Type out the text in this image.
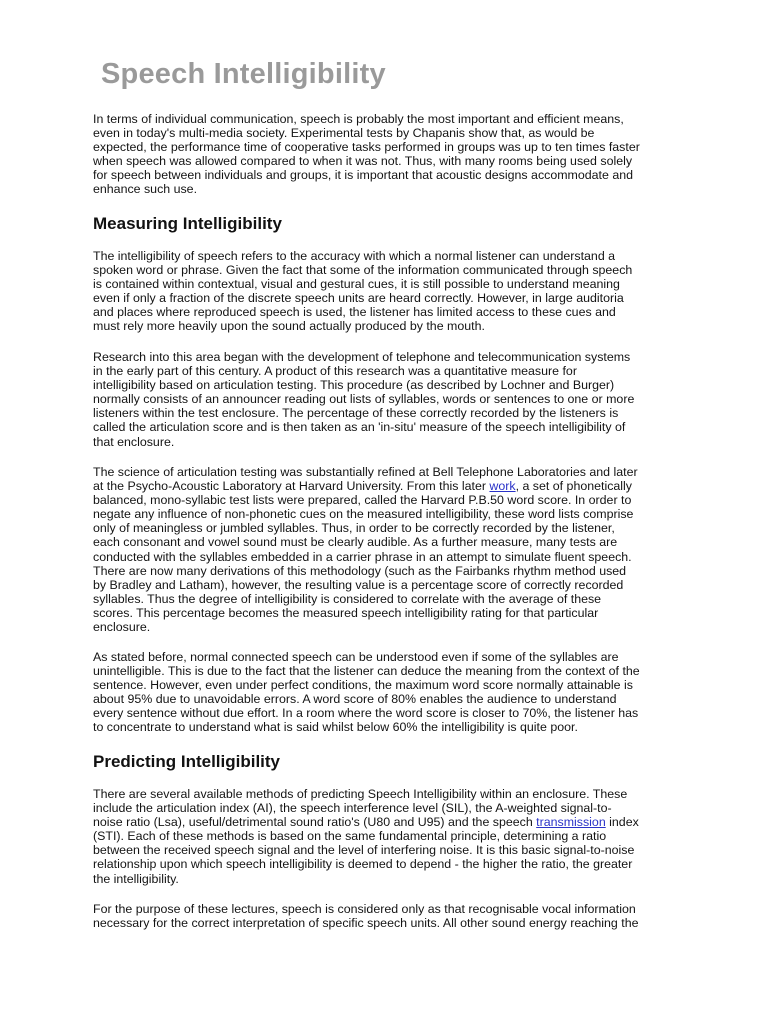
Speech Intelligibility

In terms of individual communication, speech is probably the most important and efficient means,
even in today's multi-media society. Experimental tests by Chapanis show that, as would be
expected, the performance time of cooperative tasks performed in groups was up to ten times faster
when speech was allowed compared to when it was not. Thus, with many rooms being used solely
for speech between individuals and groups, it is important that acoustic designs accommodate and
enhance such use.

Measuring Intelligibility

The intelligibility of speech refers to the accuracy with which a normal listener can understand a
spoken word or phrase. Given the fact that some of the information communicated through speech
is contained within contextual, visual and gestural cues, it is still possible to understand meaning
even if only a fraction of the discrete speech units are heard correctly. However, in large auditoria
and places where reproduced speech is used, the listener has limited access to these cues and
must rely more heavily upon the sound actually produced by the mouth.

Research into this area began with the development of telephone and telecommunication systems
in the early part of this century. A product of this research was a quantitative measure for
intelligibility based on articulation testing. This procedure (as described by Lochner and Burger)
normally consists of an announcer reading out lists of syllables, words or sentences to one or more
listeners within the test enclosure. The percentage of these correctly recorded by the listeners is
called the articulation score and is then taken as an 'in-situ' measure of the speech intelligibility of
that enclosure.

The science of articulation testing was substantially refined at Bell Telephone Laboratories and later
at the Psycho-Acoustic Laboratory at Harvard University. From this later work, a set of phonetically
balanced, mono-syllabic test lists were prepared, called the Harvard P.B.50 word score. In order to
negate any influence of non-phonetic cues on the measured intelligibility, these word lists comprise
only of meaningless or jumbled syllables. Thus, in order to be correctly recorded by the listener,
each consonant and vowel sound must be clearly audible. As a further measure, many tests are
conducted with the syllables embedded in a carrier phrase in an attempt to simulate fluent speech.
There are now many derivations of this methodology (such as the Fairbanks rhythm method used
by Bradley and Latham), however, the resulting value is a percentage score of correctly recorded
syllables. Thus the degree of intelligibility is considered to correlate with the average of these
scores. This percentage becomes the measured speech intelligibility rating for that particular
enclosure.

As stated before, normal connected speech can be understood even if some of the syllables are
unintelligible. This is due to the fact that the listener can deduce the meaning from the context of the
sentence. However, even under perfect conditions, the maximum word score normally attainable is
about 95% due to unavoidable errors. A word score of 80% enables the audience to understand
every sentence without due effort. In a room where the word score is closer to 70%, the listener has
to concentrate to understand what is said whilst below 60% the intelligibility is quite poor.

Predicting Intelligibility

There are several available methods of predicting Speech Intelligibility within an enclosure. These
include the articulation index (AI), the speech interference level (SIL), the A-weighted signal-to-
noise ratio (Lsa), useful/detrimental sound ratio's (U80 and U95) and the speech transmission index
(STI). Each of these methods is based on the same fundamental principle, determining a ratio
between the received speech signal and the level of interfering noise. It is this basic signal-to-noise
relationship upon which speech intelligibility is deemed to depend - the higher the ratio, the greater
the intelligibility.

For the purpose of these lectures, speech is considered only as that recognisable vocal information
necessary for the correct interpretation of specific speech units. All other sound energy reaching the
